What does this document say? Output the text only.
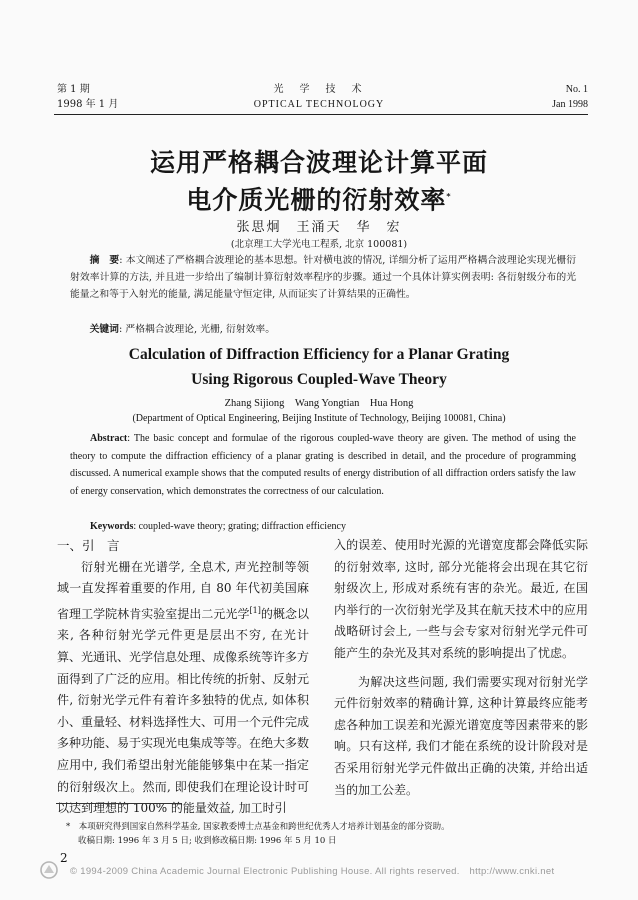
第 1 期
1998 年 1 月
光　学　技　术
OPTICAL TECHNOLOGY
No. 1
Jan 1998
运用严格耦合波理论计算平面
电介质光栅的衍射效率*
张思炯　王涌天　华　宏
(北京理工大学光电工程系, 北京 100081)
摘　要: 本文阐述了严格耦合波理论的基本思想。针对横电波的情况, 详细分析了运用严格耦合波理论实现光栅衍射效率计算的方法, 并且进一步给出了编制计算衍射效率程序的步骤。通过一个具体计算实例表明: 各衍射级分布的光能量之和等于入射光的能量, 满足能量守恒定律, 从而证实了计算结果的正确性。
关键词: 严格耦合波理论, 光栅, 衍射效率。
Calculation of Diffraction Efficiency for a Planar Grating
Using Rigorous Coupled-Wave Theory
Zhang Sijiong　Wang Yongtian　Hua Hong
(Department of Optical Engineering, Beijing Institute of Technology, Beijing 100081, China)
Abstract: The basic concept and formulae of the rigorous coupled-wave theory are given. The method of using the theory to compute the diffraction efficiency of a planar grating is described in detail, and the procedure of programming discussed. A numerical example shows that the computed results of energy distribution of all diffraction orders satisfy the law of energy conservation, which demonstrates the correctness of our calculation.
Keywords: coupled-wave theory; grating; diffraction efficiency
一、引　言

衍射光栅在光谱学, 全息术, 声光控制等领域一直发挥着重要的作用, 自 80 年代初美国麻省理工学院林肯实验室提出二元光学[1]的概念以来, 各种衍射光学元件更是层出不穷, 在光计算、光通讯、光学信息处理、成像系统等许多方面得到了广泛的应用。相比传统的折射、反射元件, 衍射光学元件有着许多独特的优点, 如体积小、重量轻、材料选择性大、可用一个元件完成多种功能、易于实现光电集成等等。在绝大多数应用中, 我们希望出射光能能够集中在某一指定的衍射级次上。然而, 即使我们在理论设计时可以达到理想的 100% 的能量效益, 加工时引

入的误差、使用时光源的光谱宽度都会降低实际的衍射效率, 这时, 部分光能将会出现在其它衍射级次上, 形成对系统有害的杂光。最近, 在国内举行的一次衍射光学及其在航天技术中的应用战略研讨会上, 一些与会专家对衍射光学元件可能产生的杂光及其对系统的影响提出了忧虑。

为解决这些问题, 我们需要实现对衍射光学元件衍射效率的精确计算, 这种计算最终应能考虑各种加工误差和光源光谱宽度等因素带来的影响。只有这样, 我们才能在系统的设计阶段对是否采用衍射光学元件做出正确的决策, 并给出适当的加工公差。

*　本项研究得到国家自然科学基金, 国家教委博士点基金和跨世纪优秀人才培养计划基金的部分资助。
收稿日期: 1996 年 3 月 5 日; 收到修改稿日期: 1996 年 5 月 10 日
2
© 1994-2009 China Academic Journal Electronic Publishing House. All rights reserved.　http://www.cnki.net
